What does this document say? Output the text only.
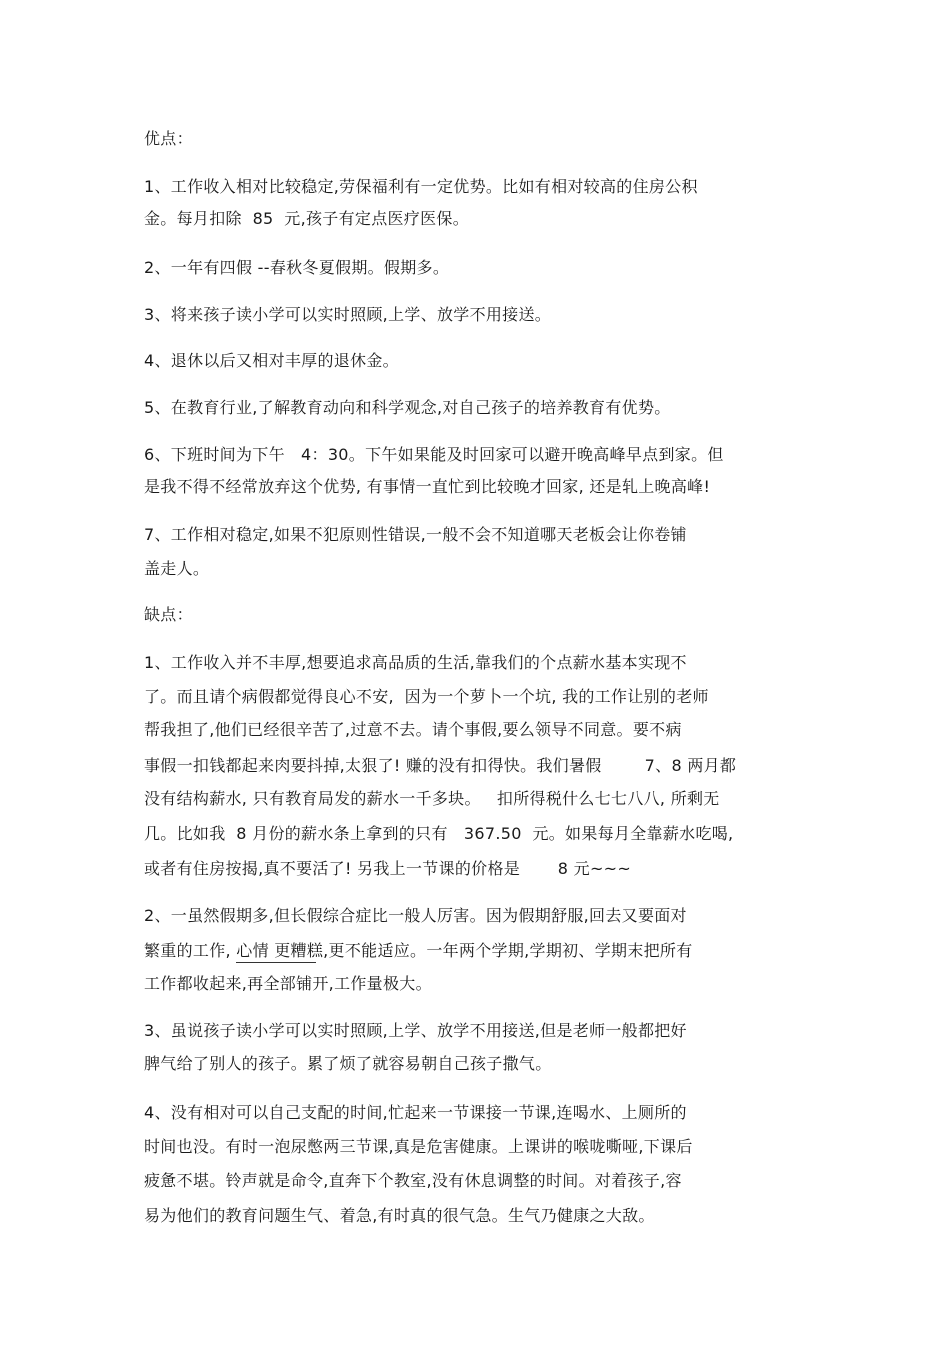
优点：
1、工作收入相对比较稳定,劳保福利有一定优势。比如有相对较高的住房公积
金。每月扣除  85  元,孩子有定点医疗医保。
2、一年有四假 --春秋冬夏假期。假期多。
3、将来孩子读小学可以实时照顾,上学、放学不用接送。
4、退休以后又相对丰厚的退休金。
5、在教育行业,了解教育动向和科学观念,对自己孩子的培养教育有优势。
6、下班时间为下午   4：30。下午如果能及时回家可以避开晚高峰早点到家。但
是我不得不经常放弃这个优势, 有事情一直忙到比较晚才回家, 还是轧上晚高峰!
7、工作相对稳定,如果不犯原则性错误,一般不会不知道哪天老板会让你卷铺
盖走人。
缺点：
1、工作收入并不丰厚,想要追求高品质的生活,靠我们的个点薪水基本实现不
了。而且请个病假都觉得良心不安,  因为一个萝卜一个坑, 我的工作让别的老师
帮我担了,他们已经很辛苦了,过意不去。请个事假,要么领导不同意。要不病
事假一扣钱都起来肉要抖掉,太狠了! 赚的没有扣得快。我们暑假        7、8 两月都
没有结构薪水, 只有教育局发的薪水一千多块。   扣所得税什么七七八八, 所剩无
几。比如我  8 月份的薪水条上拿到的只有   367.50  元。如果每月全靠薪水吃喝,
或者有住房按揭,真不要活了! 另我上一节课的价格是       8 元~~~
2、一虽然假期多,但长假综合症比一般人厉害。因为假期舒服,回去又要面对
繁重的工作, 心情 更糟糕,更不能适应。一年两个学期,学期初、学期末把所有
工作都收起来,再全部铺开,工作量极大。
3、虽说孩子读小学可以实时照顾,上学、放学不用接送,但是老师一般都把好
脾气给了别人的孩子。累了烦了就容易朝自己孩子撒气。
4、没有相对可以自己支配的时间,忙起来一节课接一节课,连喝水、上厕所的
时间也没。有时一泡尿憋两三节课,真是危害健康。上课讲的喉咙嘶哑,下课后
疲惫不堪。铃声就是命令,直奔下个教室,没有休息调整的时间。对着孩子,容
易为他们的教育问题生气、着急,有时真的很气急。生气乃健康之大敌。
